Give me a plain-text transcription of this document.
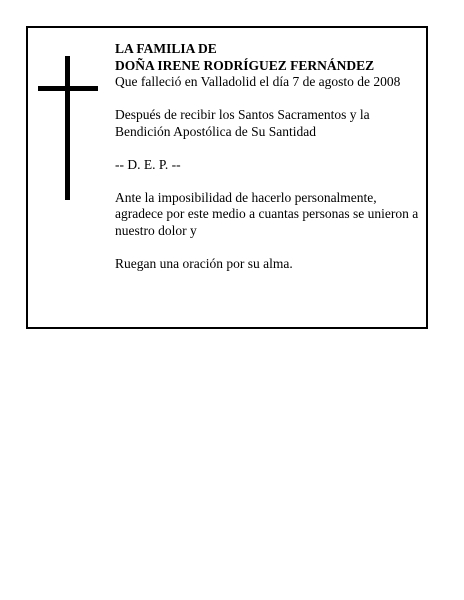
LA FAMILIA DE

DOÑA IRENE RODRÍGUEZ FERNÁNDEZ

Que falleció en Valladolid el día 7 de agosto de 2008

Después de recibir los Santos Sacramentos y la

Bendición Apostólica de Su Santidad

-- D. E. P. --

Ante la imposibilidad de hacerlo personalmente,

agradece por este medio a cuantas personas se unieron a

nuestro dolor y

Ruegan una oración por su alma.
